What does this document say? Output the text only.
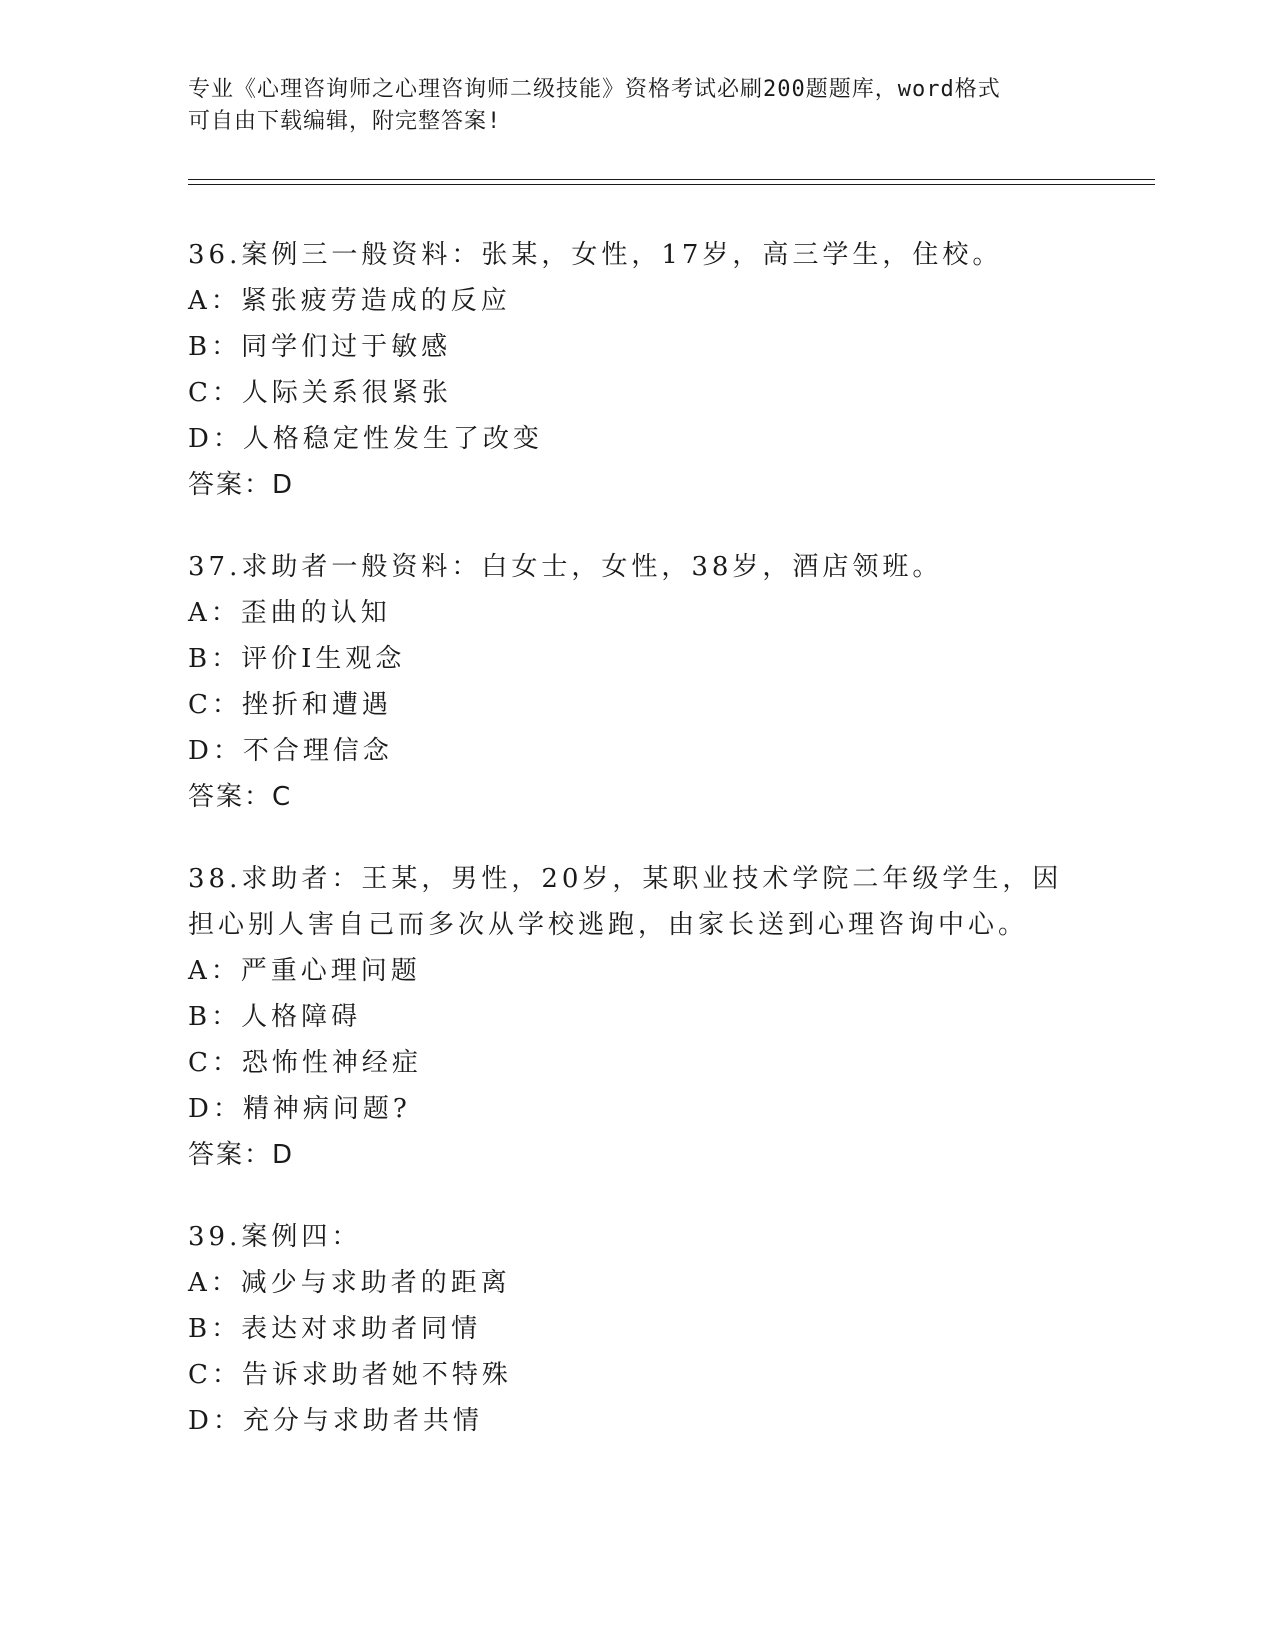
专业《心理咨询师之心理咨询师二级技能》资格考试必刷200题题库，word格式
可自由下载编辑，附完整答案!
36.案例三一般资料：张某，女性，17岁，高三学生，住校。
A：紧张疲劳造成的反应
B：同学们过于敏感
C：人际关系很紧张
D：人格稳定性发生了改变
答案：D
37.求助者一般资料：白女士，女性，38岁，酒店领班。
A：歪曲的认知
B：评价I生观念
C：挫折和遭遇
D：不合理信念
答案：C
38.求助者：王某，男性，20岁，某职业技术学院二年级学生，因担心别人害自己而多次从学校逃跑，由家长送到心理咨询中心。
A：严重心理问题
B：人格障碍
C：恐怖性神经症
D：精神病问题?
答案：D
39.案例四：
A：减少与求助者的距离
B：表达对求助者同情
C：告诉求助者她不特殊
D：充分与求助者共情
